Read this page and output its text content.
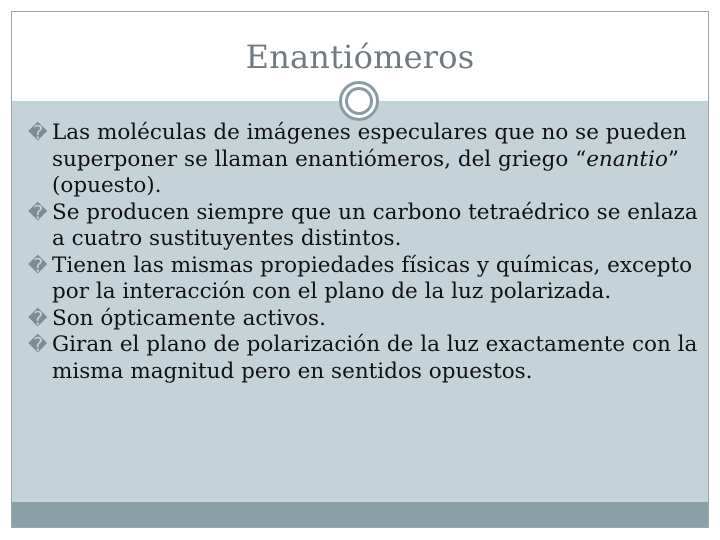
Enantiómeros
� Las moléculas de imágenes especulares que no se pueden superponer se llaman enantiómeros, del griego “enantio” (opuesto).
� Se producen siempre que un carbono tetraédrico se enlaza a cuatro sustituyentes distintos.
� Tienen las mismas propiedades físicas y químicas, excepto por la interacción con el plano de la luz polarizada.
� Son ópticamente activos.
� Giran el plano de polarización de la luz exactamente con la misma magnitud pero en sentidos opuestos.
